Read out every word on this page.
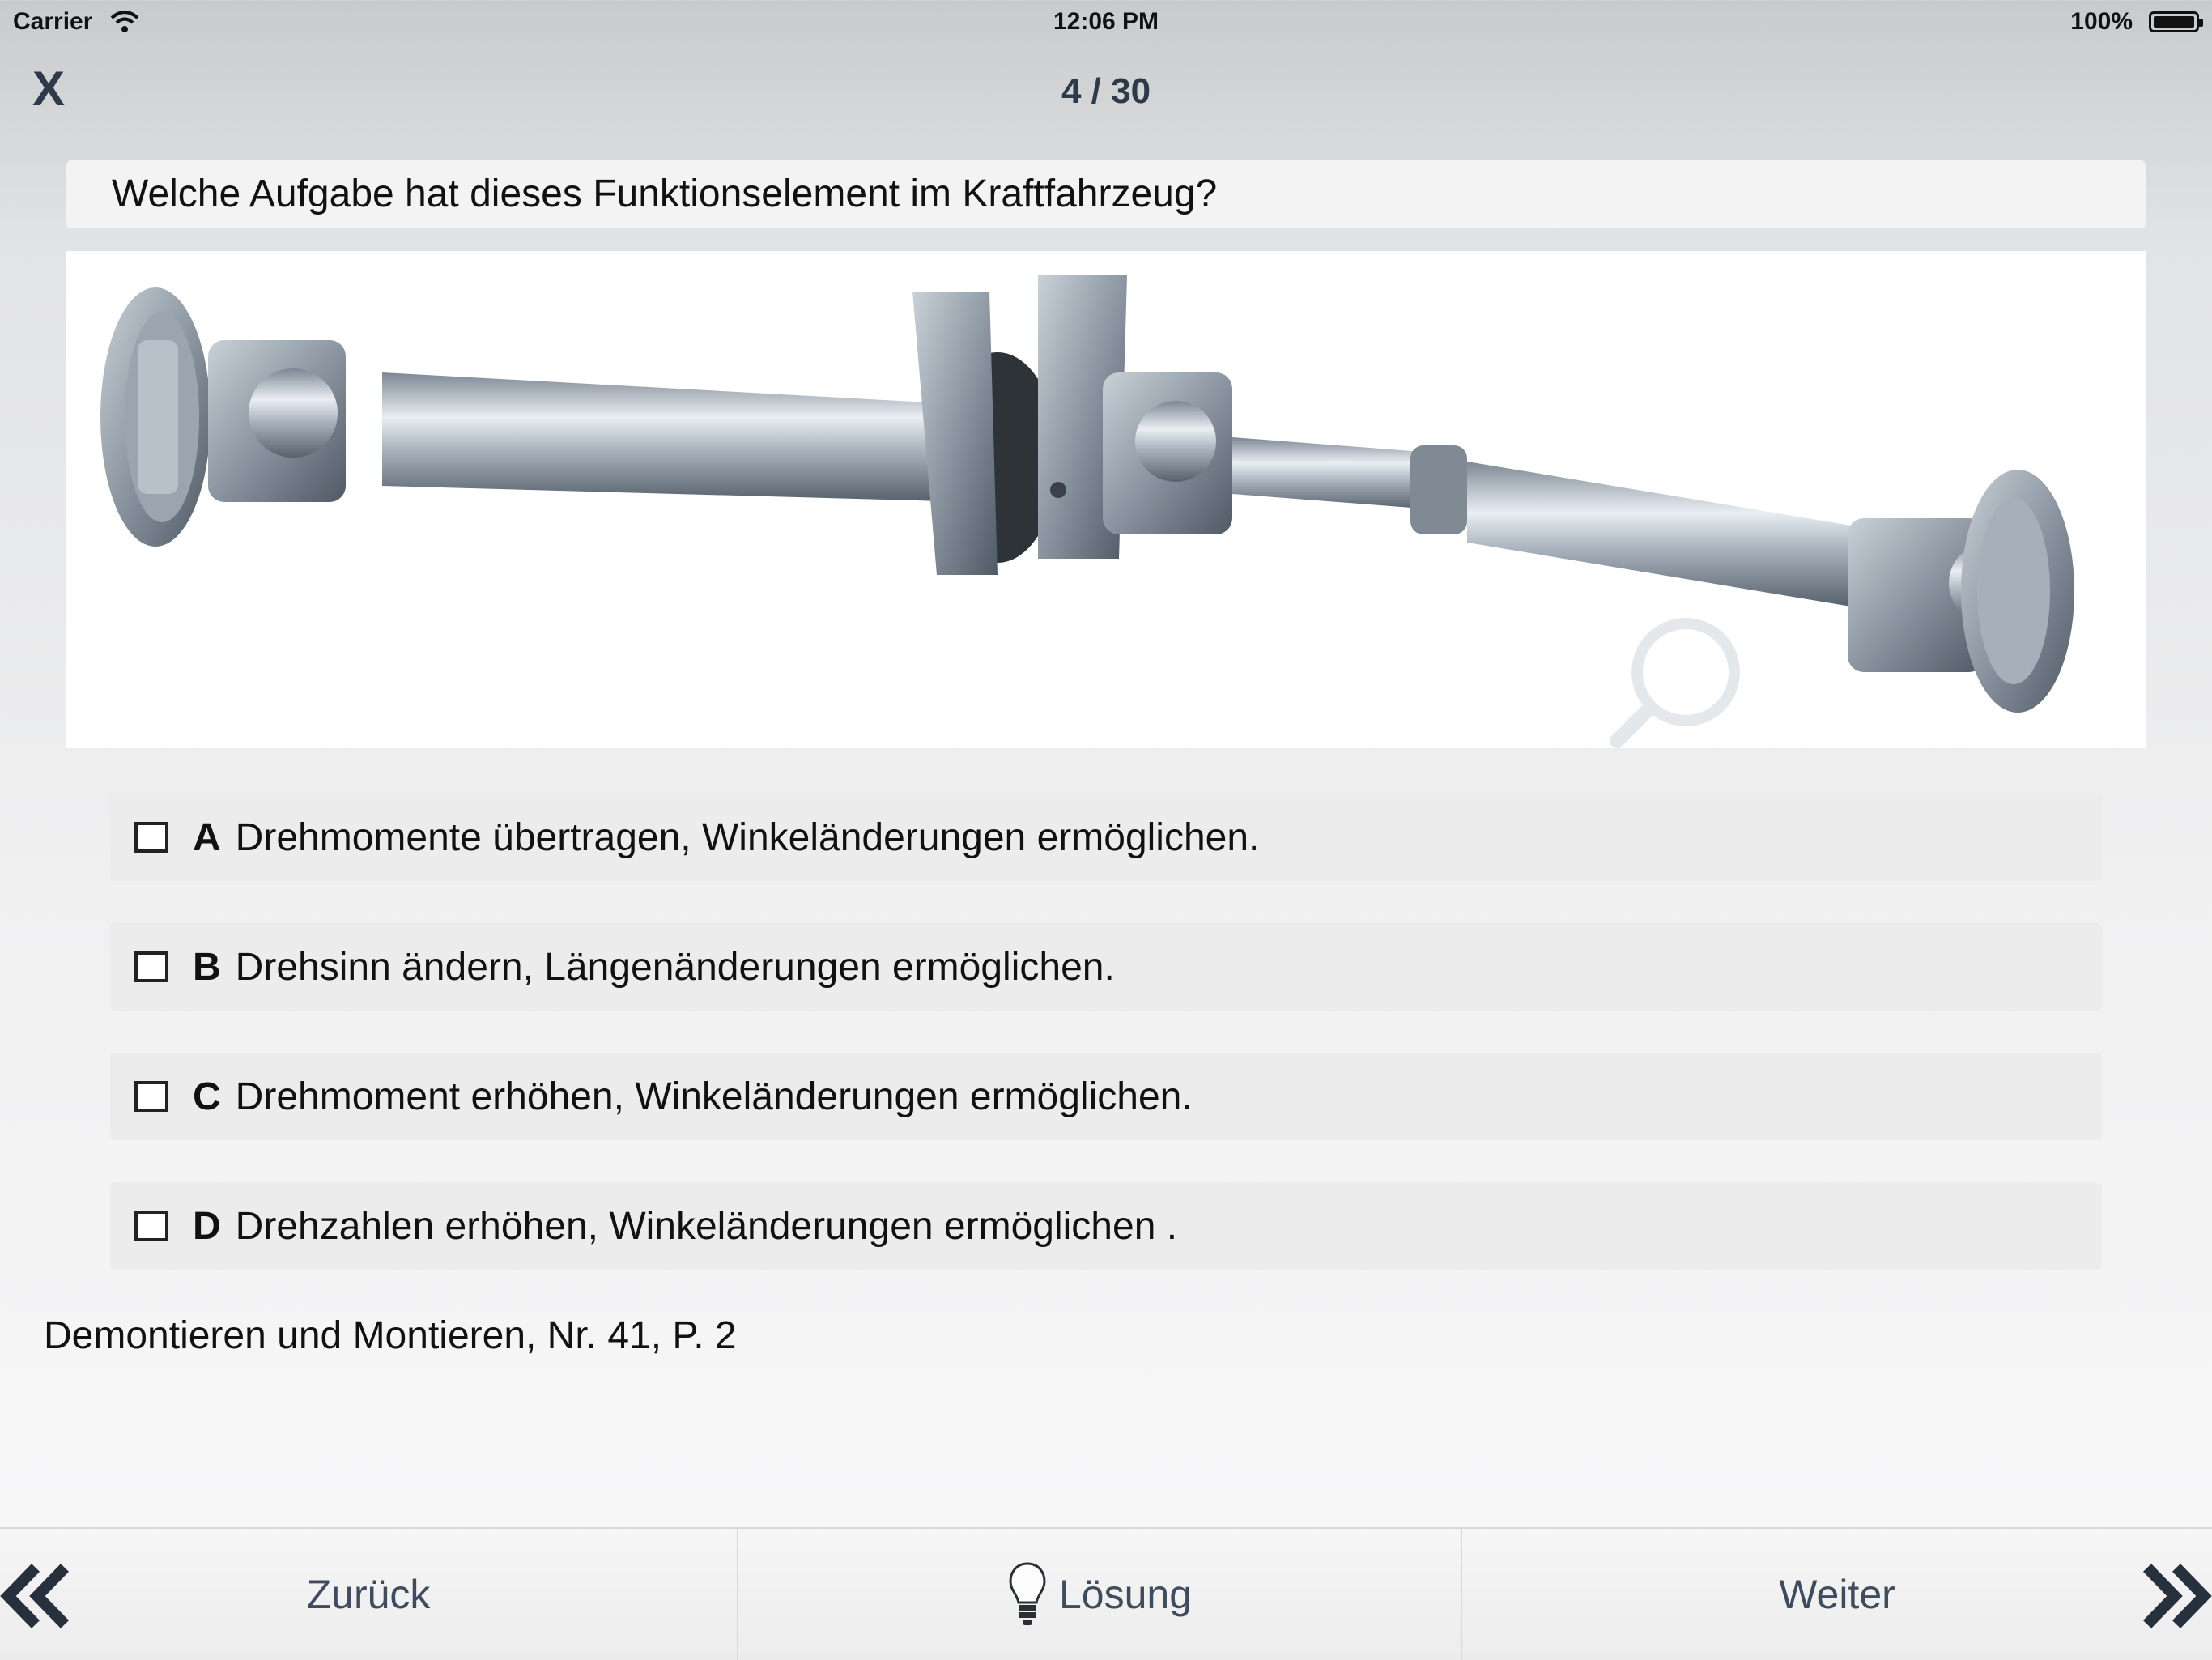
Carrier	12:06 PM	100%
X	4 / 30
Welche Aufgabe hat dieses Funktionselement im Kraftfahrzeug?
A Drehmomente übertragen, Winkeländerungen ermöglichen.
B Drehsinn ändern, Längenänderungen ermöglichen.
C Drehmoment erhöhen, Winkeländerungen ermöglichen.
D Drehzahlen erhöhen, Winkeländerungen ermöglichen .
Demontieren und Montieren, Nr. 41, P. 2
Zurück	Lösung	Weiter
